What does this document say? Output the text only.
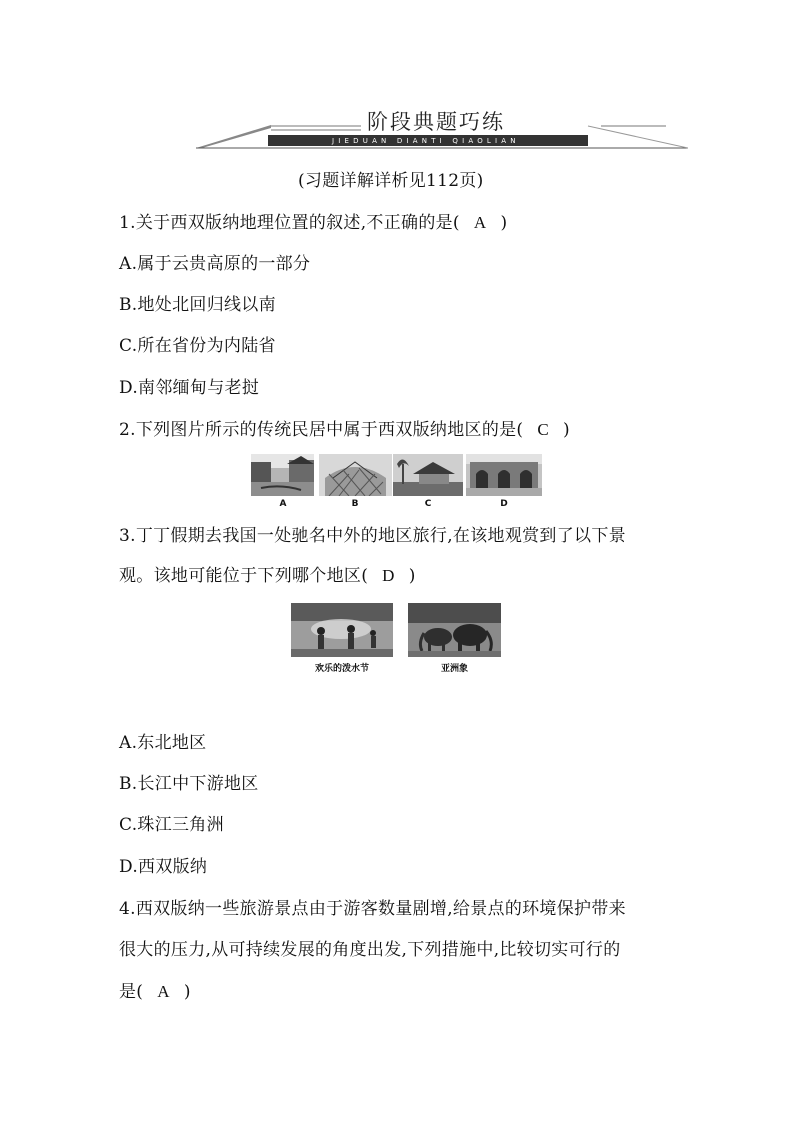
阶段典题巧练
JIEDUAN DIANTI QIAOLIAN
(习题详解详析见112页)
1.关于西双版纳地理位置的叙述,不正确的是( A )
A.属于云贵高原的一部分
B.地处北回归线以南
C.所在省份为内陆省
D.南邻缅甸与老挝
2.下列图片所示的传统民居中属于西双版纳地区的是( C )
A	B	C	D
3.丁丁假期去我国一处驰名中外的地区旅行,在该地观赏到了以下景
观。该地可能位于下列哪个地区( D )
欢乐的泼水节	亚洲象
A.东北地区
B.长江中下游地区
C.珠江三角洲
D.西双版纳
4.西双版纳一些旅游景点由于游客数量剧增,给景点的环境保护带来
很大的压力,从可持续发展的角度出发,下列措施中,比较切实可行的
是( A )
